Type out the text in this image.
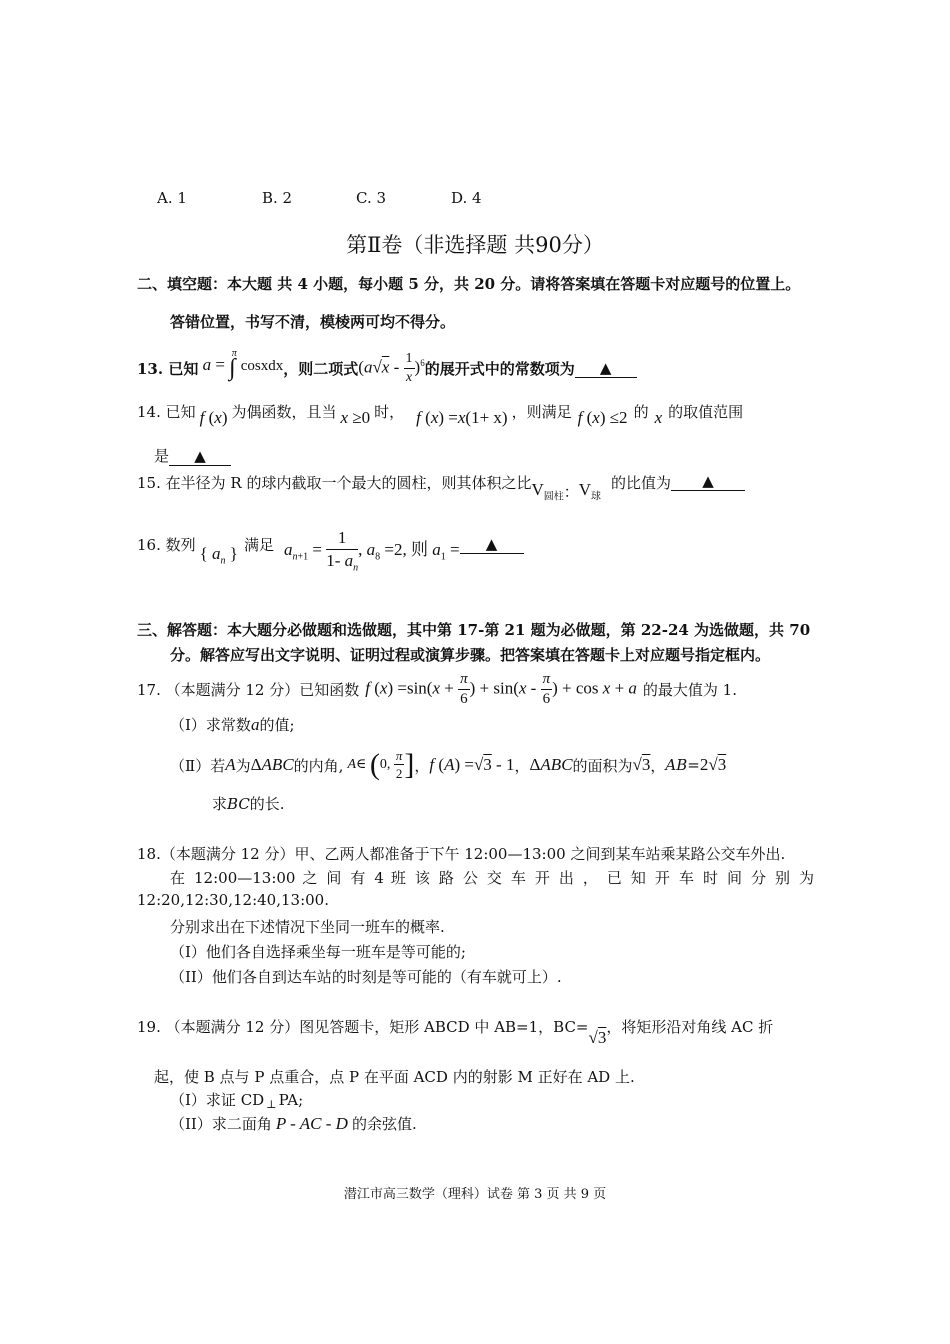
A. 1	B. 2	C. 3	D. 4
第Ⅱ卷（非选择题 共90分）
二、填空题：本大题 共 4 小题，每小题 5 分，共 20 分。请将答案填在答题卡对应题号的位置上。
答错位置，书写不清，模棱两可均不得分。
13. 已知 a = ∫$^\pi$cosxdx ，则二项式 $(a√x - \frac{1}{x} )^6$ 的展开式中的常数项为	▲
14. 已知 f (x) 为偶函数，且当 x ≥0 时， f (x) =x(1+ x) ，则满足 f (x) ≤2 的 x 的取值范围
是 ▲
15. 在半径为 R 的球内截取一个最大的圆柱，则其体积之比 $V_{圆柱}$ ： $V_球$
的比值为	▲
16. 数列 { $a_n$ } 满足 $a_{n+1} = \frac{1}{1- a_n}$ , $a_8 =2$, 则 $a_1$ =	▲
三、解答题：本大题分必做题和选做题，其中第 17-第 21 题为必做题，第 22-24 为选做题，共 70
分。解答应写出文字说明、证明过程或演算步骤。把答案填在答题卡上对应题号指定框内。
17. （本题满分 12 分）已知函数 f $(x) =\sin(x + \frac{\pi}{6}$ ) + $\sin(x - \frac{\pi}{6}$ ) + cos x + a 的最大值为 1.
（Ⅰ）求常数a的值;
（Ⅱ）若 A 为 ΔABC 的内角, A∈ (0, $\frac{\pi}{2}$ ] ， f (A) =√3 - 1 ， ΔABC 的面积为 √3 ， AB= 2√3
求BC的长.
18.（本题满分 12 分）甲、乙两人都准备于下午 12:00—13:00 之间到某车站乘某路公交车外出.
在 12:00—13:00 之 间 有 4 班 该 路 公 交 车 开 出 ， 已 知 开 车 时 间 分 别 为
12:20,12:30,12:40,13:00.
分别求出在下述情况下坐同一班车的概率.
（I）他们各自选择乘坐每一班车是等可能的;
（II）他们各自到达车站的时刻是等可能的（有车就可上）.
19. （本题满分 12 分）图见答题卡，矩形 ABCD 中 AB=1，BC=
√3
，将矩形沿对角线 AC 折
起，使 B 点与 P 点重合，点 P 在平面 ACD 内的射影 M 正好在 AD 上.
（I）求证 CD $_\perp$ PA;
（II）求二面角 P - AC - D 的余弦值.
潜江市高三数学（理科）试卷 第 3 页 共 9 页
